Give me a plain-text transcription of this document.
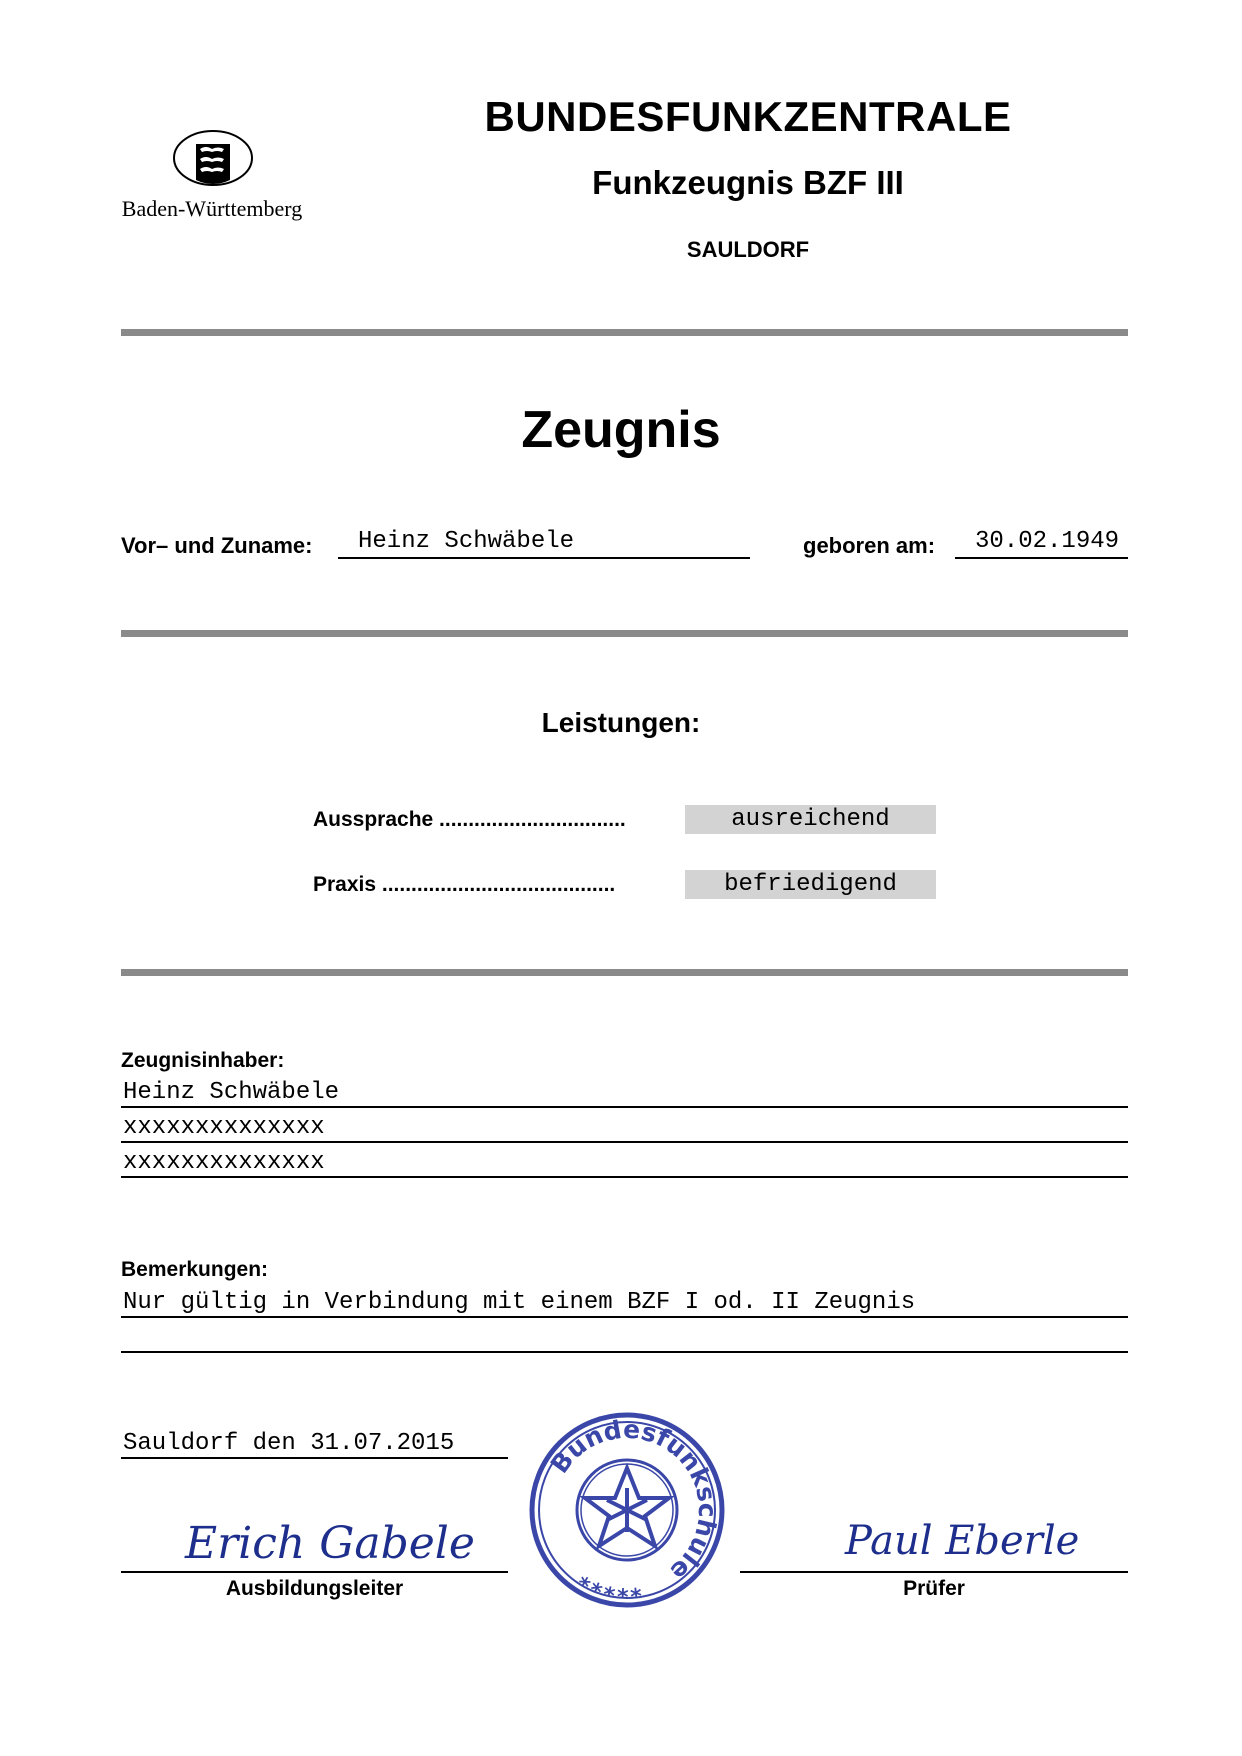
Baden-Württemberg
BUNDESFUNKZENTRALE
Funkzeugnis BZF III
SAULDORF
Zeugnis
Vor– und Zuname:	Heinz Schwäbele	geboren am:	30.02.1949
Leistungen:
Aussprache ................................	ausreichend
Praxis ........................................	befriedigend
Zeugnisinhaber:
Heinz Schwäbele
xxxxxxxxxxxxxx
xxxxxxxxxxxxxx
Bemerkungen:
Nur gültig in Verbindung mit einem BZF I od. II Zeugnis
Sauldorf den 31.07.2015
Erich Gabele
Ausbildungsleiter
Paul Eberle
Prüfer
Bundesfunkschule
*****
